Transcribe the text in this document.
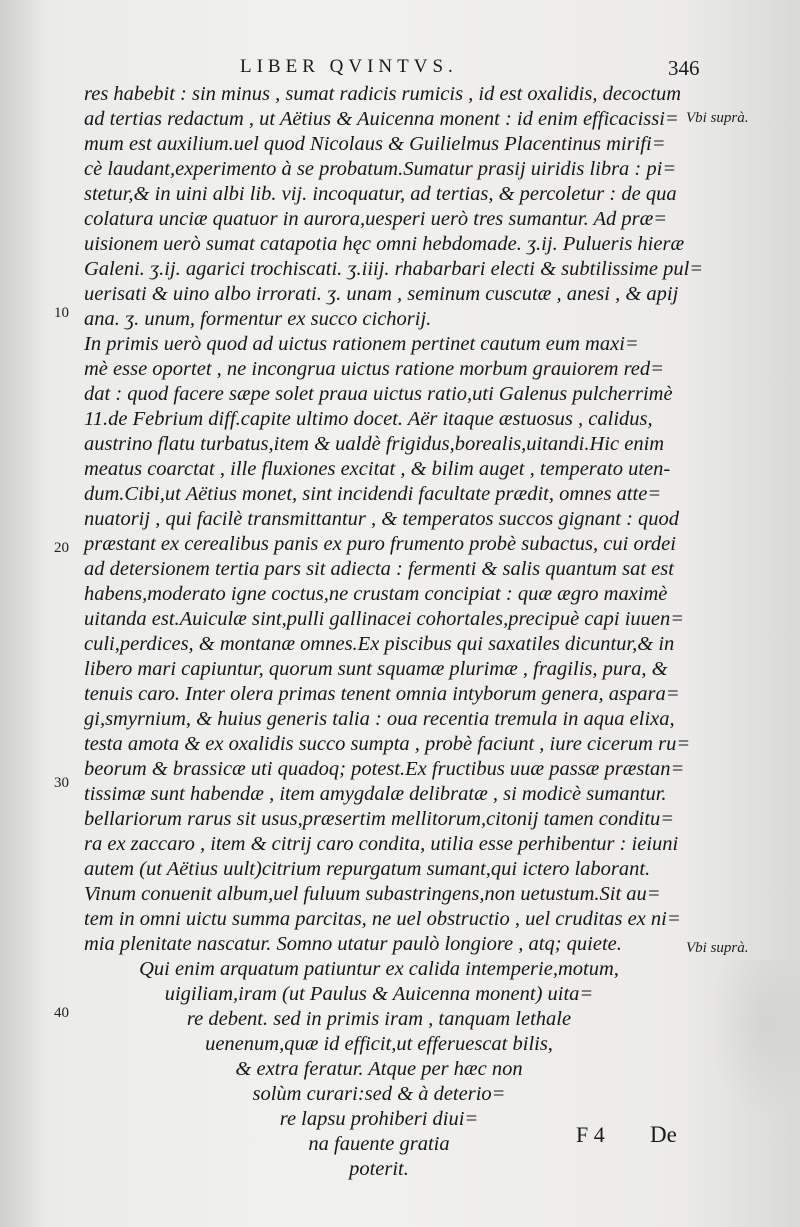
LIBER QVINTVS.	346
res habebit : sin minus , sumat radicis rumicis , id est oxalidis, decoctum
ad tertias redactum , ut Aëtius & Auicenna monent : id enim efficacissi=
mum est auxilium.uel quod Nicolaus & Guilielmus Placentinus mirifi=
cè laudant,experimento à se probatum.Sumatur prasij uiridis libra : pi=
stetur,& in uini albi lib. vij. incoquatur, ad tertias, & percoletur : de qua
colatura unciæ quatuor in aurora,uesperi uerò tres sumantur. Ad præ=
uisionem uerò sumat catapotia hęc omni hebdomade. ʒ.ij. Pulueris hieræ
Galeni. ʒ.ij. agarici trochiscati. ʒ.iiij. rhabarbari electi & subtilissime pul=
uerisati & uino albo irrorati. ʒ. unam , seminum cuscutæ , anesi , & apij
ana. ʒ. unum, formentur ex succo cichorij.
In primis uerò quod ad uictus rationem pertinet cautum eum maxi=
mè esse oportet , ne incongrua uictus ratione morbum grauiorem red=
dat : quod facere sæpe solet praua uictus ratio,uti Galenus pulcherrimè
11.de Febrium diff.capite ultimo docet. Aër itaque æstuosus , calidus,
austrino flatu turbatus,item & ualdè frigidus,borealis,uitandi.Hic enim
meatus coarctat , ille fluxiones excitat , & bilim auget , temperato uten-
dum.Cibi,ut Aëtius monet, sint incidendi facultate prædit, omnes atte=
nuatorij , qui facilè transmittantur , & temperatos succos gignant : quod
præstant ex cerealibus panis ex puro frumento probè subactus, cui ordei
ad detersionem tertia pars sit adiecta : fermenti & salis quantum sat est
habens,moderato igne coctus,ne crustam concipiat : quæ ægro maximè
uitanda est.Auiculæ sint,pulli gallinacei cohortales,precipuè capi iuuen=
culi,perdices, & montanæ omnes.Ex piscibus qui saxatiles dicuntur,& in
libero mari capiuntur, quorum sunt squamæ plurimæ , fragilis, pura, &
tenuis caro. Inter olera primas tenent omnia intyborum genera, aspara=
gi,smyrnium, & huius generis talia : oua recentia tremula in aqua elixa,
testa amota & ex oxalidis succo sumpta , probè faciunt , iure cicerum ru=
beorum & brassicæ uti quadoq; potest.Ex fructibus uuæ passæ præstan=
tissimæ sunt habendæ , item amygdalæ delibratæ , si modicè sumantur.
bellariorum rarus sit usus,præsertim mellitorum,citonij tamen conditu=
ra ex zaccaro , item & citrij caro condita, utilia esse perhibentur : ieiuni
autem (ut Aëtius uult)citrium repurgatum sumant,qui ictero laborant.
Vinum conuenit album,uel fuluum subastringens,non uetustum.Sit au=
tem in omni uictu summa parcitas, ne uel obstructio , uel cruditas ex ni=
mia plenitate nascatur. Somno utatur paulò longiore , atq; quiete.
Qui enim arquatum patiuntur ex calida intemperie,motum,
uigiliam,iram (ut Paulus & Auicenna monent) uita=
re debent. sed in primis iram , tanquam lethale
uenenum,quæ id efficit,ut efferuescat bilis,
& extra feratur. Atque per hæc non
solùm curari:sed & à deterio=
re lapsu prohiberi diui=
na fauente gratia
poterit.
10
20
30
40
Vbi suprà.
Vbi suprà.
F 4 De
